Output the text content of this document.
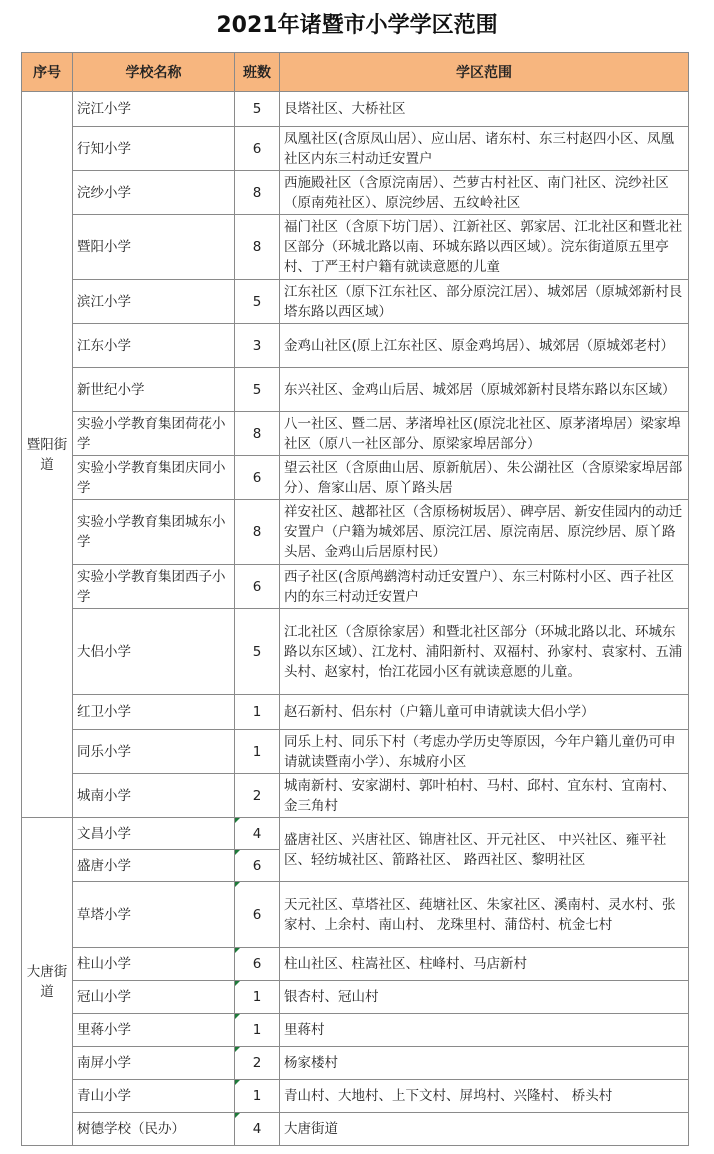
2021年诸暨市小学学区范围
序号	学校名称	班数	学区范围
暨阳街道	浣江小学	5	艮塔社区、大桥社区
	行知小学	6	凤凰社区(含原凤山居）、应山居、诸东村、东三村赵四小区、凤凰社区内东三村动迁安置户
	浣纱小学	8	西施殿社区（含原浣南居）、苎萝古村社区、南门社区、浣纱社区（原南苑社区）、原浣纱居、五纹岭社区
	暨阳小学	8	福门社区（含原下坊门居）、江新社区、郭家居、江北社区和暨北社区部分（环城北路以南、环城东路以西区域）。浣东街道原五里亭村、丁严王村户籍有就读意愿的儿童
	滨江小学	5	江东社区（原下江东社区、部分原浣江居）、城郊居（原城郊新村艮塔东路以西区域）
	江东小学	3	金鸡山社区(原上江东社区、原金鸡坞居）、城郊居（原城郊老村）
	新世纪小学	5	东兴社区、金鸡山后居、城郊居（原城郊新村艮塔东路以东区域）
	实验小学教育集团荷花小学	8	八一社区、暨二居、茅渚埠社区(原浣北社区、原茅渚埠居）梁家埠社区（原八一社区部分、原梁家埠居部分）
	实验小学教育集团庆同小学	6	望云社区（含原曲山居、原新航居）、朱公湖社区（含原梁家埠居部分）、詹家山居、原丫路头居
	实验小学教育集团城东小学	8	祥安社区、越都社区（含原杨树坂居）、碑亭居、新安佳园内的动迁安置户（户籍为城郊居、原浣江居、原浣南居、原浣纱居、原丫路头居、金鸡山后居原村民）
	实验小学教育集团西子小学	6	西子社区(含原鸬鹚湾村动迁安置户）、东三村陈村小区、西子社区内的东三村动迁安置户
	大侣小学	5	江北社区（含原徐家居）和暨北社区部分（环城北路以北、环城东路以东区域）、江龙村、浦阳新村、双福村、孙家村、袁家村、五浦头村、赵家村，怡江花园小区有就读意愿的儿童。
	红卫小学	1	赵石新村、侣东村（户籍儿童可申请就读大侣小学）
	同乐小学	1	同乐上村、同乐下村（考虑办学历史等原因，今年户籍儿童仍可申请就读暨南小学）、东城府小区
	城南小学	2	城南新村、安家湖村、郭叶柏村、马村、邱村、宜东村、宜南村、金三角村
大唐街道	文昌小学	4	盛唐社区、兴唐社区、锦唐社区、开元社区、 中兴社区、雍平社区、轻纺城社区、箭路社区、 路西社区、黎明社区
	盛唐小学	6	
	草塔小学	6	天元社区、草塔社区、莼塘社区、朱家社区、溪南村、灵水村、张家村、上余村、南山村、 龙珠里村、蒲岱村、杭金七村
	柱山小学	6	柱山社区、柱嵩社区、柱峰村、马店新村
	冠山小学	1	银杏村、冠山村
	里蒋小学	1	里蒋村
	南屏小学	2	杨家楼村
	青山小学	1	青山村、大地村、上下文村、屏坞村、兴隆村、 桥头村
	树德学校（民办）	4	大唐街道
